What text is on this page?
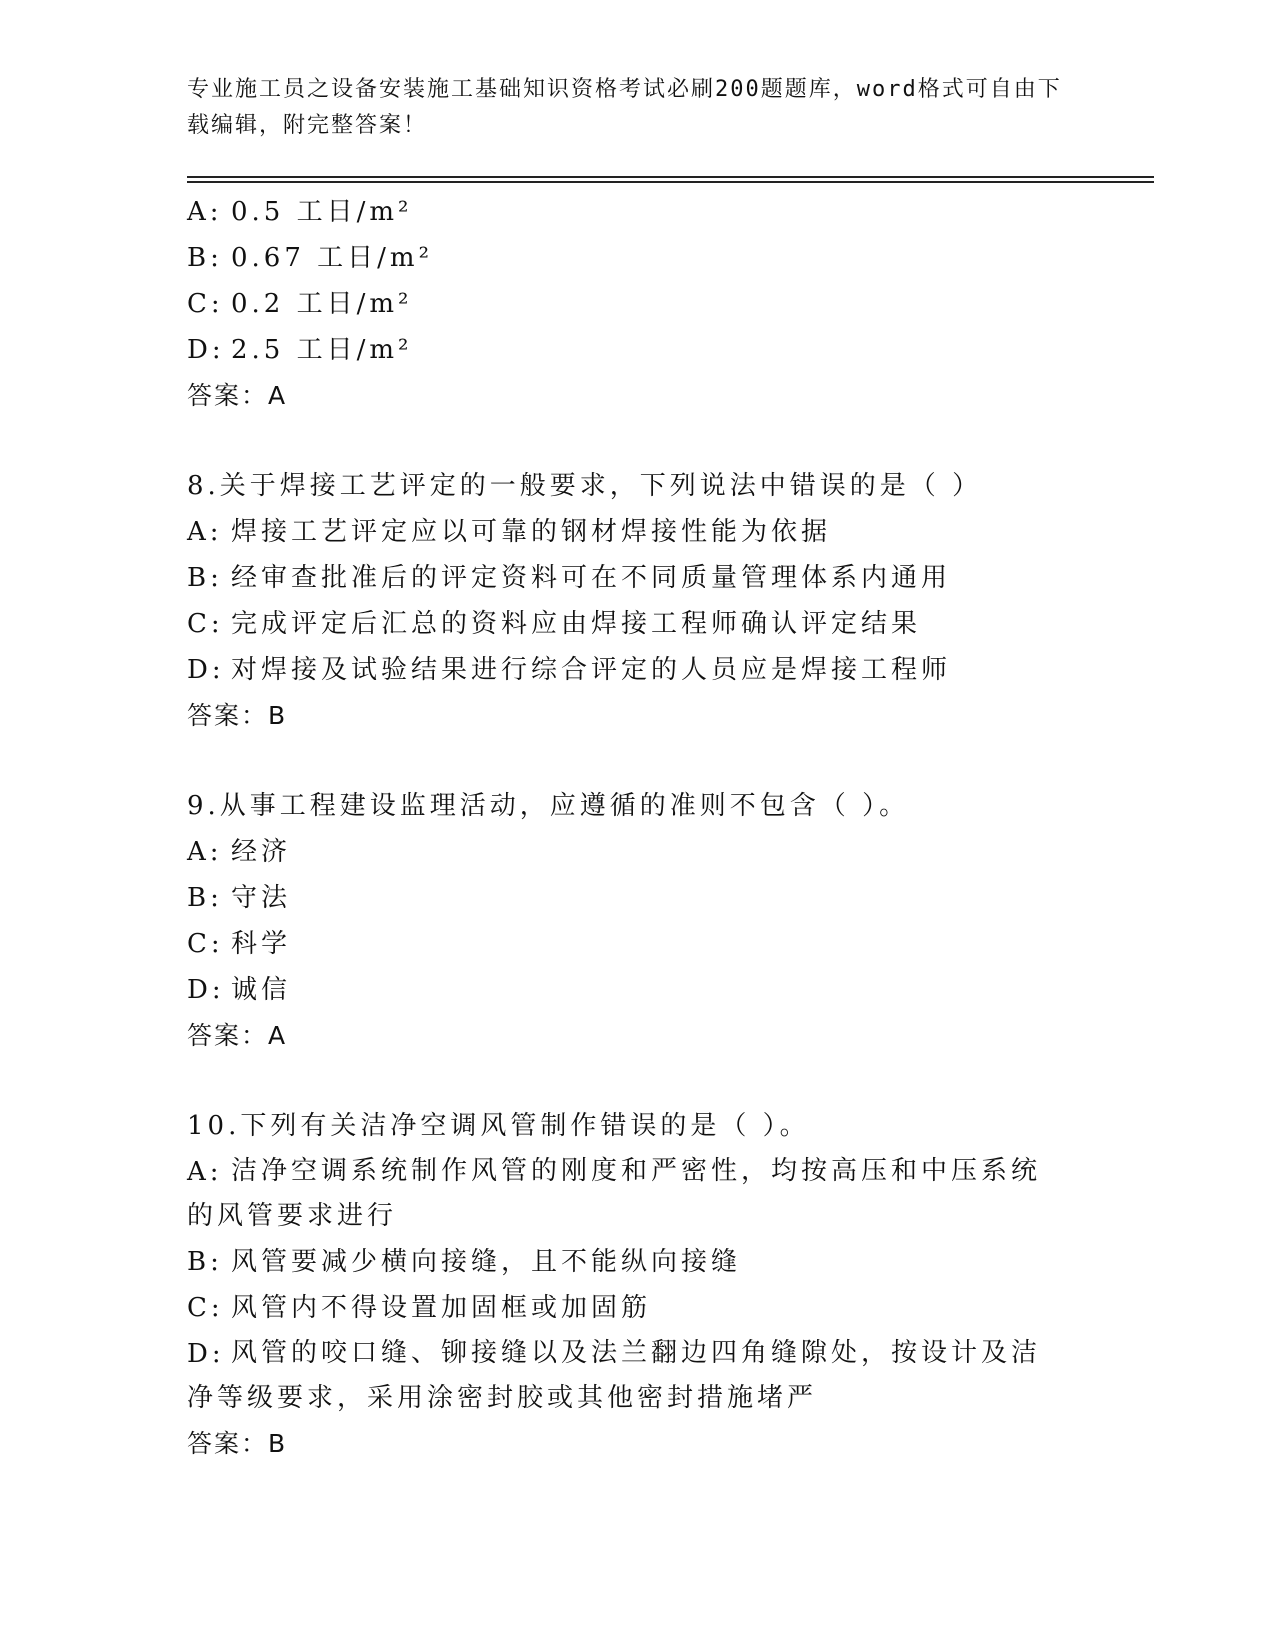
专业施工员之设备安装施工基础知识资格考试必刷200题题库，word格式可自由下载编辑，附完整答案！
A: 0.5 工日/m²
B: 0.67 工日/m²
C: 0.2 工日/m²
D: 2.5 工日/m²
答案：A
8.关于焊接工艺评定的一般要求，下列说法中错误的是（ ）
A: 焊接工艺评定应以可靠的钢材焊接性能为依据
B: 经审查批准后的评定资料可在不同质量管理体系内通用
C: 完成评定后汇总的资料应由焊接工程师确认评定结果
D: 对焊接及试验结果进行综合评定的人员应是焊接工程师
答案：B
9.从事工程建设监理活动，应遵循的准则不包含（ ）。
A: 经济
B: 守法
C: 科学
D: 诚信
答案：A
10.下列有关洁净空调风管制作错误的是（ ）。
A: 洁净空调系统制作风管的刚度和严密性，均按高压和中压系统的风管要求进行
B: 风管要减少横向接缝，且不能纵向接缝
C: 风管内不得设置加固框或加固筋
D: 风管的咬口缝、铆接缝以及法兰翻边四角缝隙处，按设计及洁净等级要求，采用涂密封胶或其他密封措施堵严
答案：B
